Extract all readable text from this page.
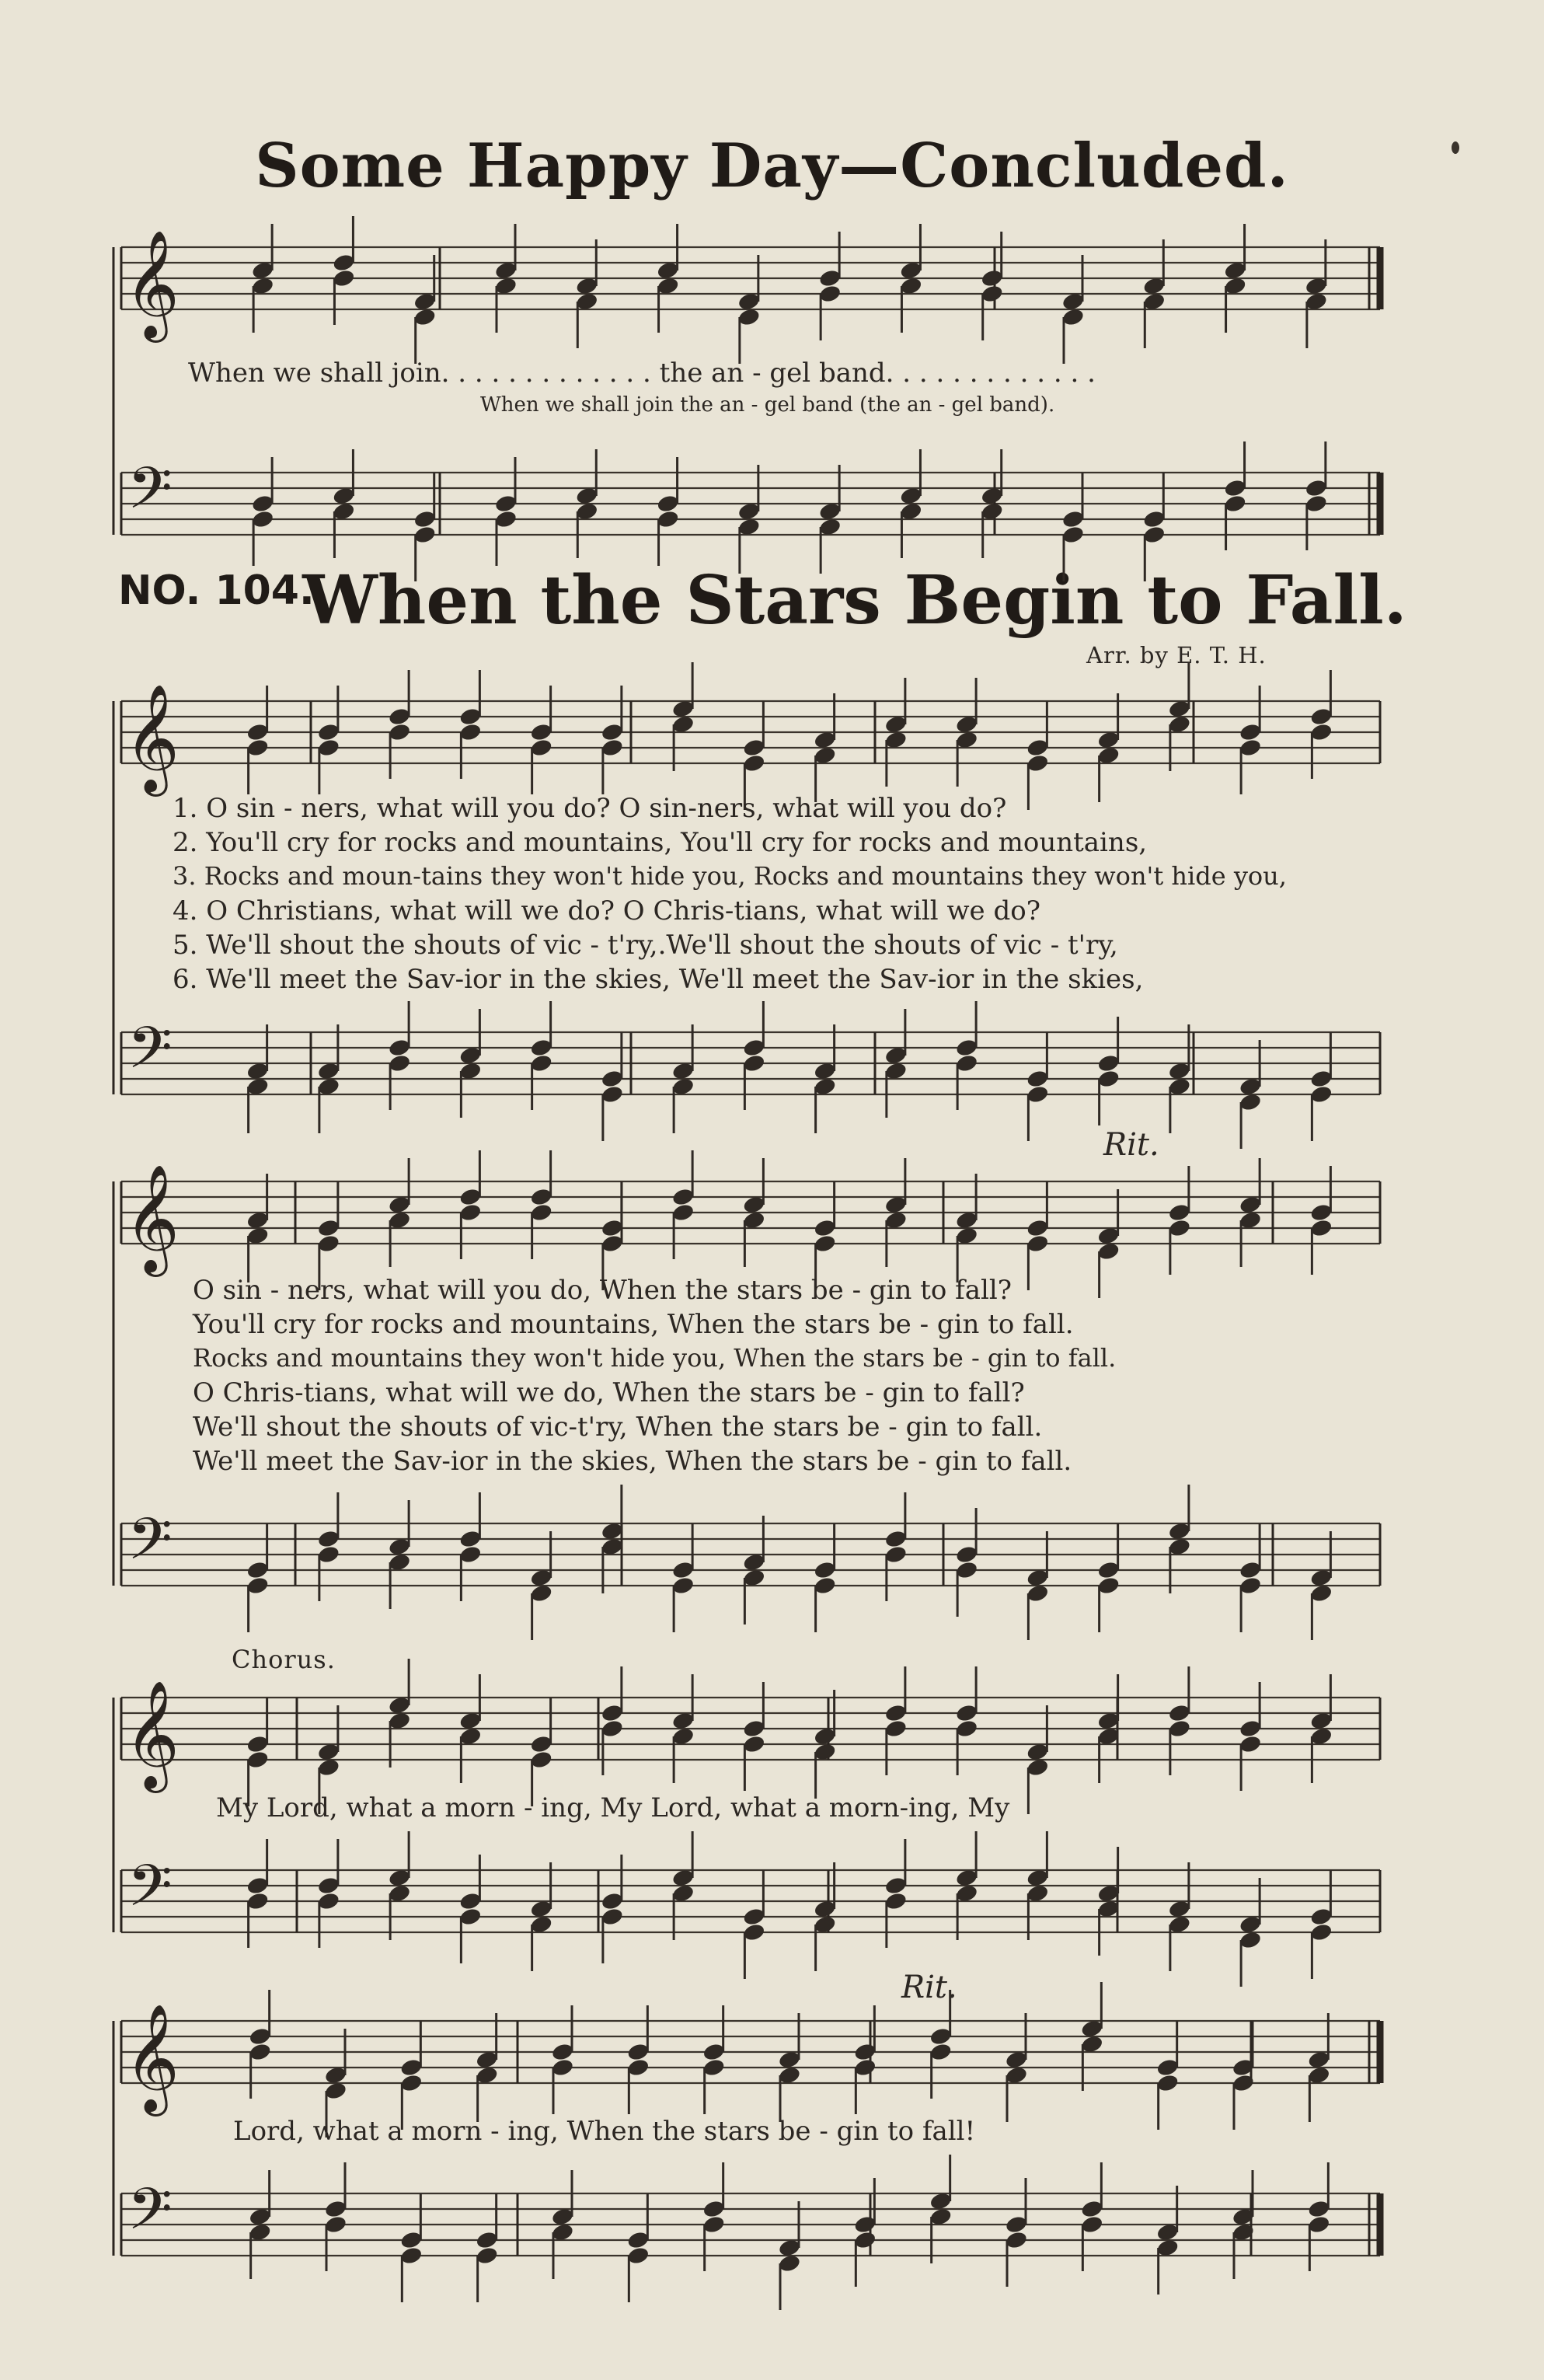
Some Happy Day—Concluded.
NO. 104.
When the Stars Begin to Fall.
Arr. by E. T. H.
𝄞
𝄢
𝄞
𝄢
𝄞
𝄢
𝄞
𝄢
𝄞
𝄢
When we shall join. . . . . . . . . . . . . the an - gel band. . . . . . . . . . . . .
When we shall join the an - gel band (the an - gel band).
1. O sin - ners, what will you do? O sin-ners, what will you do?
2. You'll cry for rocks and mountains, You'll cry for rocks and mountains,
3. Rocks and moun-tains they won't hide you, Rocks and mountains they won't hide you,
4. O Christians, what will we do? O Chris-tians, what will we do?
5. We'll shout the shouts of vic - t'ry,.We'll shout the shouts of vic - t'ry,
6. We'll meet the Sav-ior in the skies, We'll meet the Sav-ior in the skies,
Rit.
O sin - ners, what will you do, When the stars be - gin to fall?
You'll cry for rocks and mountains, When the stars be - gin to fall.
Rocks and mountains they won't hide you, When the stars be - gin to fall.
O Chris-tians, what will we do, When the stars be - gin to fall?
We'll shout the shouts of vic-t'ry, When the stars be - gin to fall.
We'll meet the Sav-ior in the skies, When the stars be - gin to fall.
Chorus.
My Lord, what a morn - ing, My Lord, what a morn-ing, My
Rit.
Lord, what a morn - ing, When the stars be - gin to fall!
